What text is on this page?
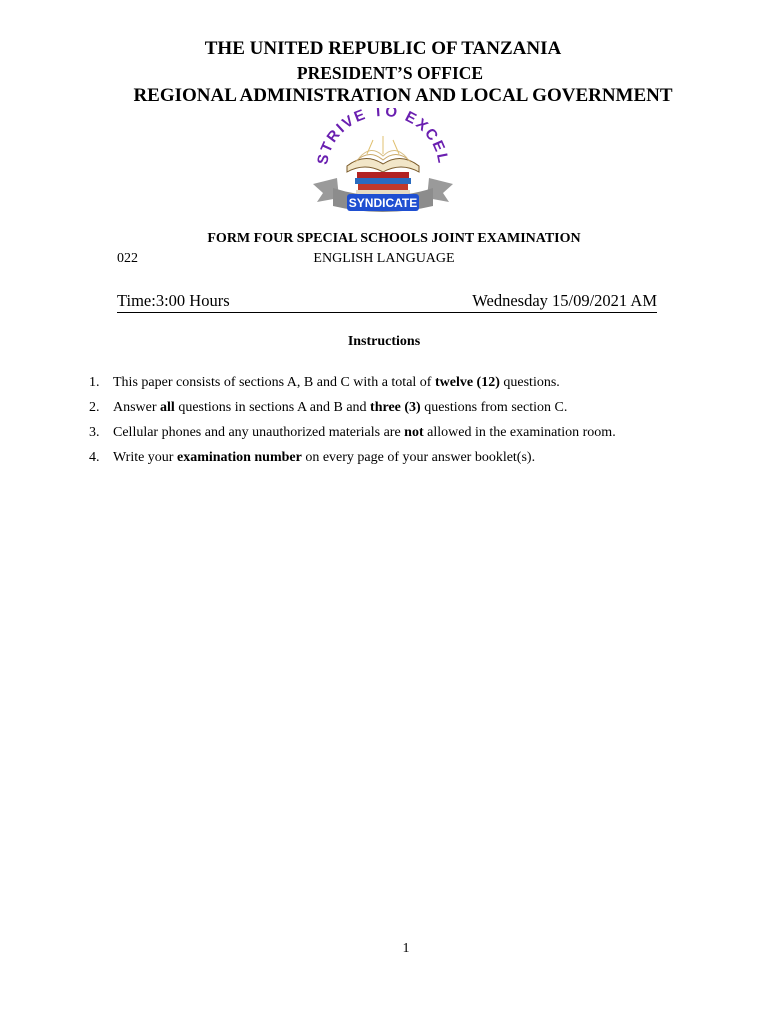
THE UNITED REPUBLIC OF TANZANIA
PRESIDENT’S OFFICE
REGIONAL ADMINISTRATION AND LOCAL GOVERNMENT
STRIVE TO EXCEL
SYNDICATE
FORM FOUR SPECIAL SCHOOLS JOINT EXAMINATION
022	ENGLISH LANGUAGE
Time:3:00 Hours	Wednesday 15/09/2021 AM
Instructions
1. This paper consists of sections A, B and C with a total of twelve (12) questions.
2. Answer all questions in sections A and B and three (3) questions from section C.
3. Cellular phones and any unauthorized materials are not allowed in the examination room.
4. Write your examination number on every page of your answer booklet(s).
1
